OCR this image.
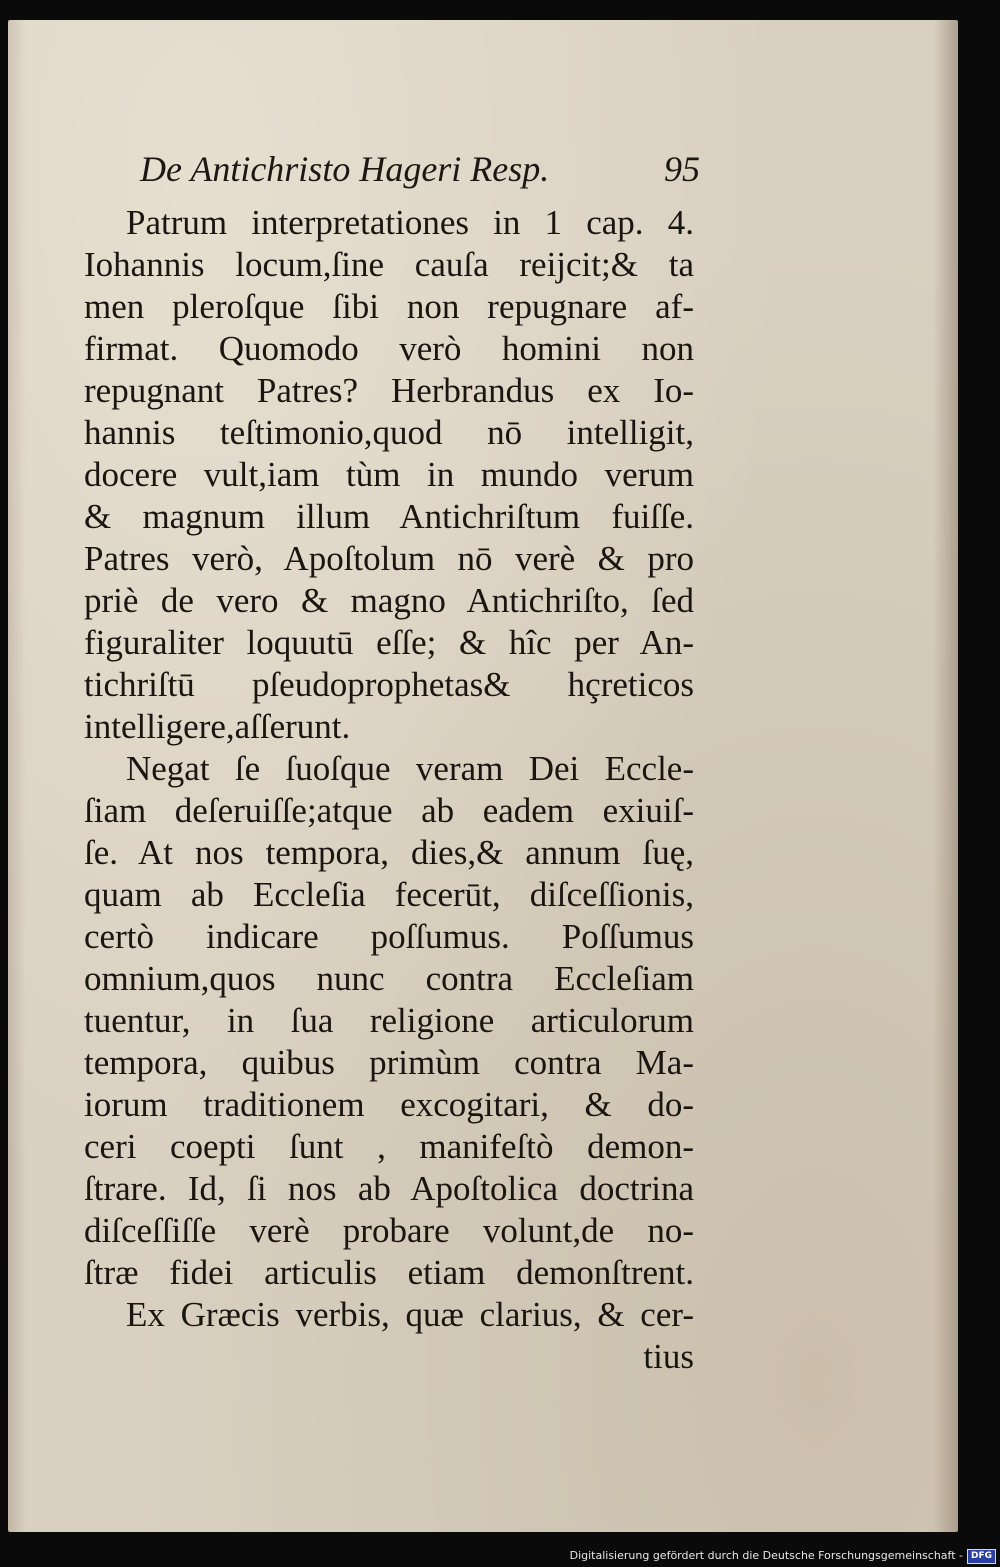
De Antichristo Hageri Resp.	95
Patrum interpretationes in 1 cap. 4.
Iohannis locum,ſine cauſa reijcit;& ta
men pleroſque ſibi non repugnare af-
firmat. Quomodo verò homini non
repugnant Patres? Herbrandus ex Io-
hannis teſtimonio,quod nō intelligit,
docere vult,iam tùm in mundo verum
& magnum illum Antichriſtum fuiſſe.
Patres verò, Apoſtolum nō verè & pro
priè de vero & magno Antichriſto, ſed
figuraliter loquutū eſſe; & hîc per An-
tichriſtū pſeudoprophetas& hçreticos
intelligere,aſſerunt.
Negat ſe ſuoſque veram Dei Eccle-
ſiam deſeruiſſe;atque ab eadem exiuiſ-
ſe. At nos tempora, dies,& annum ſuę,
quam ab Eccleſia fecerūt, diſceſſionis,
certò indicare poſſumus. Poſſumus
omnium,quos nunc contra Eccleſiam
tuentur, in ſua religione articulorum
tempora, quibus primùm contra Ma-
iorum traditionem excogitari, & do-
ceri coepti ſunt , manifeſtò demon-
ſtrare. Id, ſi nos ab Apoſtolica doctrina
diſceſſiſſe verè probare volunt,de no-
ſtræ fidei articulis etiam demonſtrent.
Ex Græcis verbis, quæ clarius, & cer-
tius
Digitalisierung gefördert durch die Deutsche Forschungsgemeinschaft - DFG
